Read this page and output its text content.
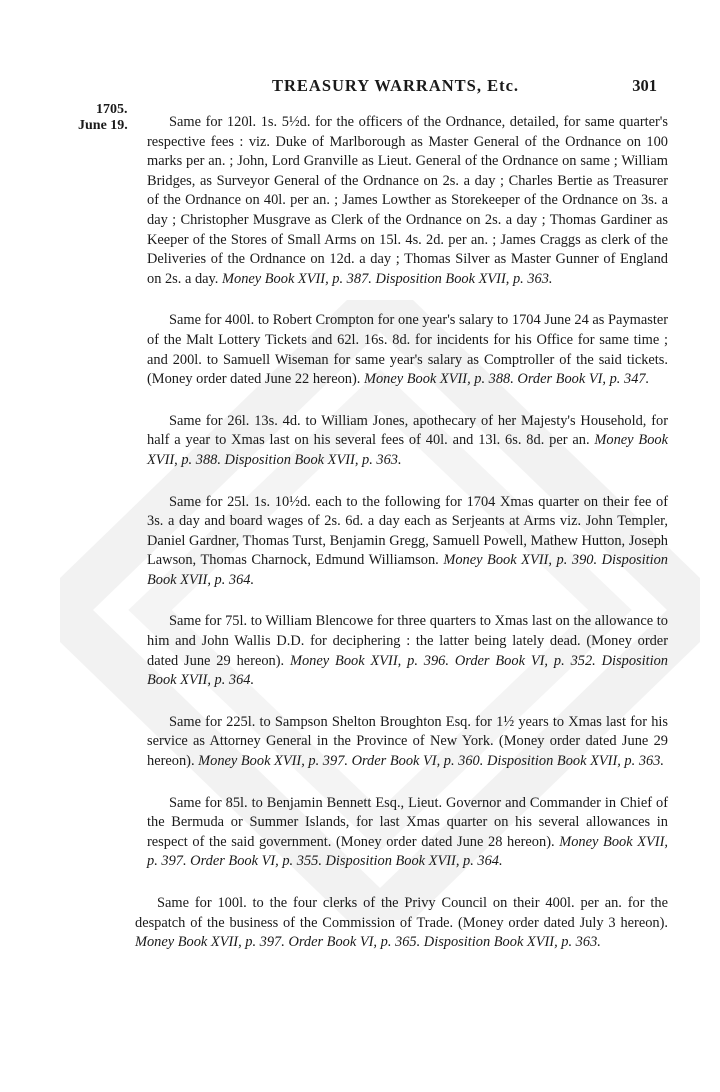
TREASURY WARRANTS, Etc.	301
1705.
June 19.	Same for 120l. 1s. 5½d. for the officers of the Ordnance, detailed, for same quarter's respective fees : viz. Duke of Marlborough as Master General of the Ordnance on 100 marks per an. ; John, Lord Granville as Lieut. General of the Ordnance on same ; William Bridges, as Surveyor General of the Ordnance on 2s. a day ; Charles Bertie as Treasurer of the Ordnance on 40l. per an. ; James Lowther as Storekeeper of the Ordnance on 3s. a day ; Christopher Musgrave as Clerk of the Ordnance on 2s. a day ; Thomas Gardiner as Keeper of the Stores of Small Arms on 15l. 4s. 2d. per an. ; James Craggs as clerk of the Deliveries of the Ordnance on 12d. a day ; Thomas Silver as Master Gunner of England on 2s. a day. Money Book XVII, p. 387. Disposition Book XVII, p. 363.

Same for 400l. to Robert Crompton for one year's salary to 1704 June 24 as Paymaster of the Malt Lottery Tickets and 62l. 16s. 8d. for incidents for his Office for same time ; and 200l. to Samuell Wiseman for same year's salary as Comptroller of the said tickets. (Money order dated June 22 hereon). Money Book XVII, p. 388. Order Book VI, p. 347.

Same for 26l. 13s. 4d. to William Jones, apothecary of her Majesty's Household, for half a year to Xmas last on his several fees of 40l. and 13l. 6s. 8d. per an. Money Book XVII, p. 388. Disposition Book XVII, p. 363.

Same for 25l. 1s. 10½d. each to the following for 1704 Xmas quarter on their fee of 3s. a day and board wages of 2s. 6d. a day each as Serjeants at Arms viz. John Templer, Daniel Gardner, Thomas Turst, Benjamin Gregg, Samuell Powell, Mathew Hutton, Joseph Lawson, Thomas Charnock, Edmund Williamson. Money Book XVII, p. 390. Disposition Book XVII, p. 364.

Same for 75l. to William Blencowe for three quarters to Xmas last on the allowance to him and John Wallis D.D. for deciphering : the latter being lately dead. (Money order dated June 29 hereon). Money Book XVII, p. 396. Order Book VI, p. 352. Disposition Book XVII, p. 364.

Same for 225l. to Sampson Shelton Broughton Esq. for 1½ years to Xmas last for his service as Attorney General in the Province of New York. (Money order dated June 29 hereon). Money Book XVII, p. 397. Order Book VI, p. 360. Disposition Book XVII, p. 363.

Same for 85l. to Benjamin Bennett Esq., Lieut. Governor and Commander in Chief of the Bermuda or Summer Islands, for last Xmas quarter on his several allowances in respect of the said government. (Money order dated June 28 hereon). Money Book XVII, p. 397. Order Book VI, p. 355. Disposition Book XVII, p. 364.

Same for 100l. to the four clerks of the Privy Council on their 400l. per an. for the despatch of the business of the Commission of Trade. (Money order dated July 3 hereon). Money Book XVII, p. 397. Order Book VI, p. 365. Disposition Book XVII, p. 363.
